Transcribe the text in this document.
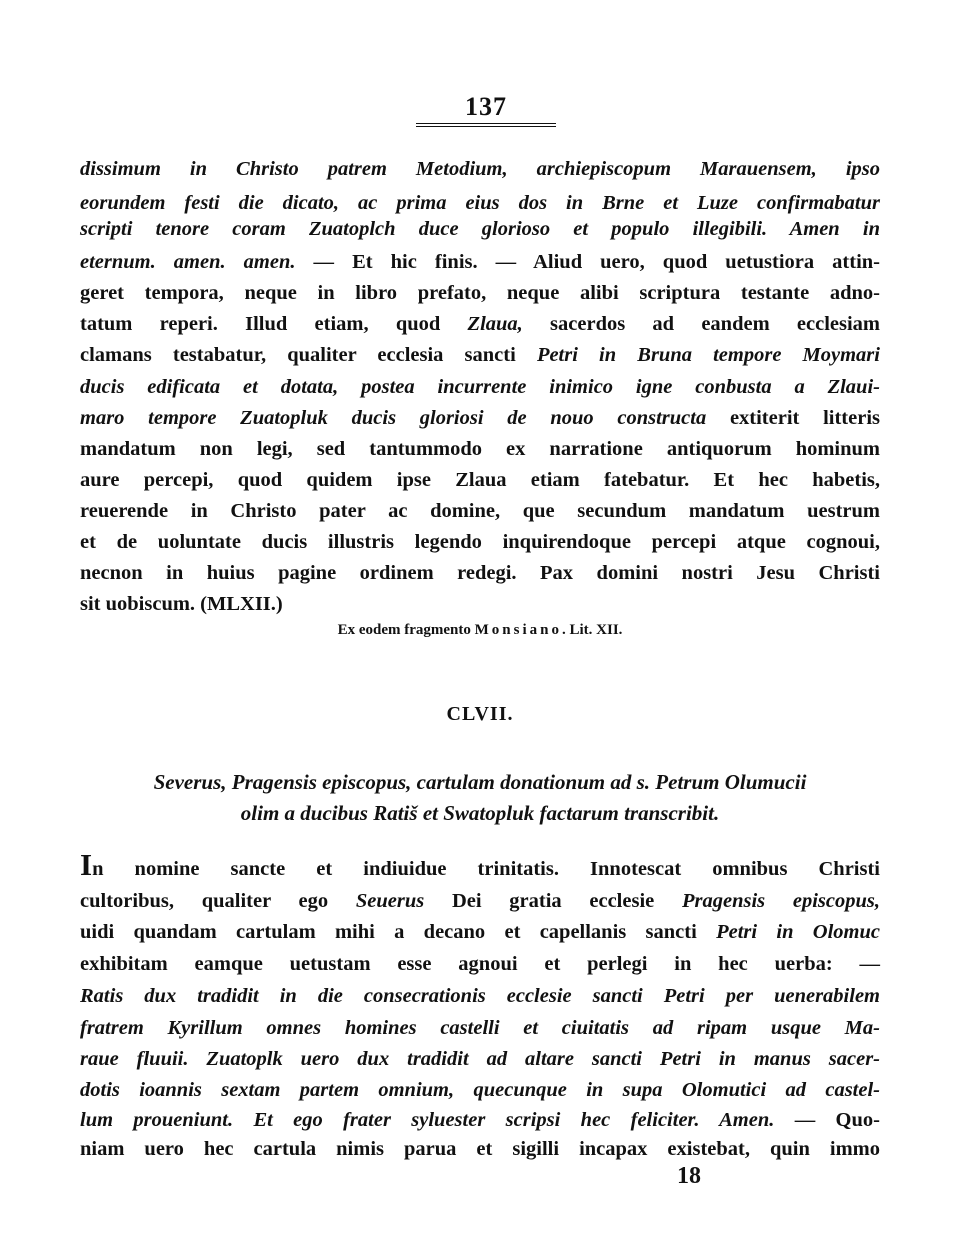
137

dissimum in Christo patrem Metodium, archiepiscopum Marauensem, ipso

eorundem festi die dicato, ac prima eius dos in Brne et Luze confirmabatur

scripti tenore coram Zuatoplch duce glorioso et populo illegibili. Amen in

eternum. amen. amen. — Et hic finis. — Aliud uero, quod uetustiora attin-

geret tempora, neque in libro prefato, neque alibi scriptura testante adno-

tatum reperi. Illud etiam, quod Zlaua, sacerdos ad eandem ecclesiam

clamans testabatur, qualiter ecclesia sancti Petri in Bruna tempore Moymari

ducis edificata et dotata, postea incurrente inimico igne conbusta a Zlaui-

maro tempore Zuatopluk ducis gloriosi de nouo constructa extiterit litteris

mandatum non legi, sed tantummodo ex narratione antiquorum hominum

aure percepi, quod quidem ipse Zlaua etiam fatebatur. Et hec habetis,

reuerende in Christo pater ac domine, que secundum mandatum uestrum

et de uoluntate ducis illustris legendo inquirendoque percepi atque cognoui,

necnon in huius pagine ordinem redegi. Pax domini nostri Jesu Christi

sit uobiscum. (MLXII.)

Ex eodem fragmento Monsiano. Lit. XII.
CLVII.

Severus, Pragensis episcopus, cartulam donationum ad s. Petrum Olumucii

olim a ducibus Ratiš et Swatopluk factarum transcribit.

In nomine sancte et indiuidue trinitatis. Innotescat omnibus Christi

cultoribus, qualiter ego Seuerus Dei gratia ecclesie Pragensis episcopus,

uidi quandam cartulam mihi a decano et capellanis sancti Petri in Olomuc

exhibitam eamque uetustam esse agnoui et perlegi in hec uerba: —

Ratis dux tradidit in die consecrationis ecclesie sancti Petri per uenerabilem

fratrem Kyrillum omnes homines castelli et ciuitatis ad ripam usque Ma-

raue fluuii. Zuatoplk uero dux tradidit ad altare sancti Petri in manus sacer-

dotis ioannis sextam partem omnium, quecunque in supa Olomutici ad castel-

lum proueniunt. Et ego frater syluester scripsi hec feliciter. Amen. — Quo-

niam uero hec cartula nimis parua et sigilli incapax existebat, quin immo

18
